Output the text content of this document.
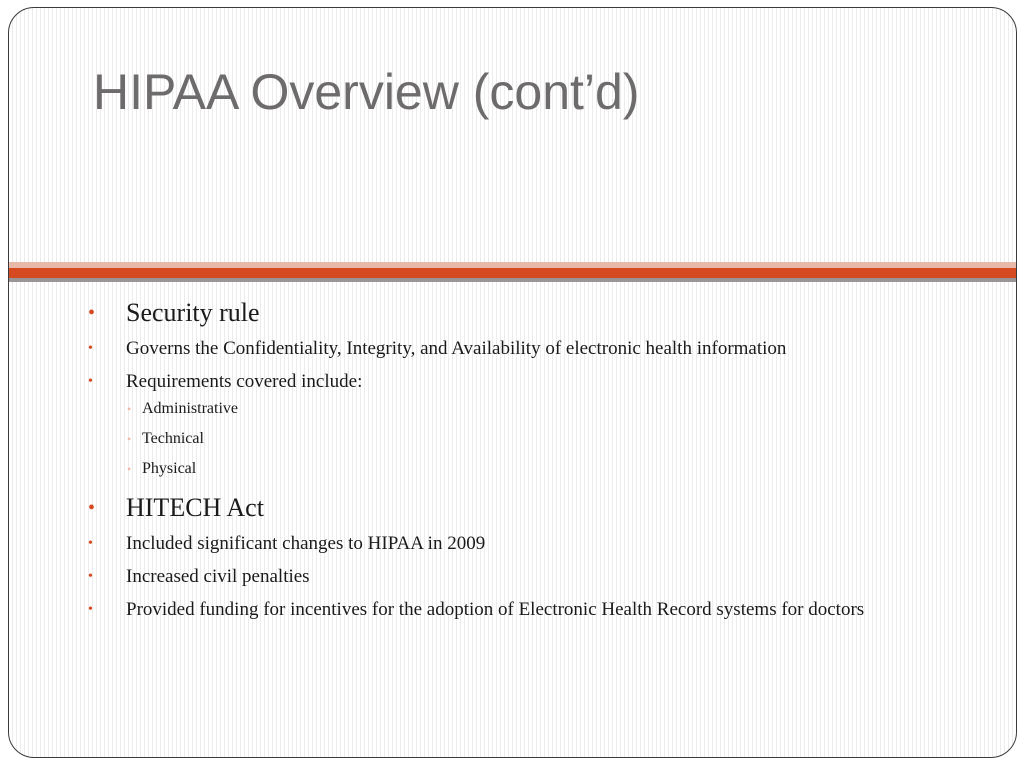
HIPAA Overview (cont’d)
• Security rule
• Governs the Confidentiality, Integrity, and Availability of electronic health information
• Requirements covered include:
• Administrative
• Technical
• Physical
• HITECH Act
• Included significant changes to HIPAA in 2009
• Increased civil penalties
• Provided funding for incentives for the adoption of Electronic Health Record systems for doctors
